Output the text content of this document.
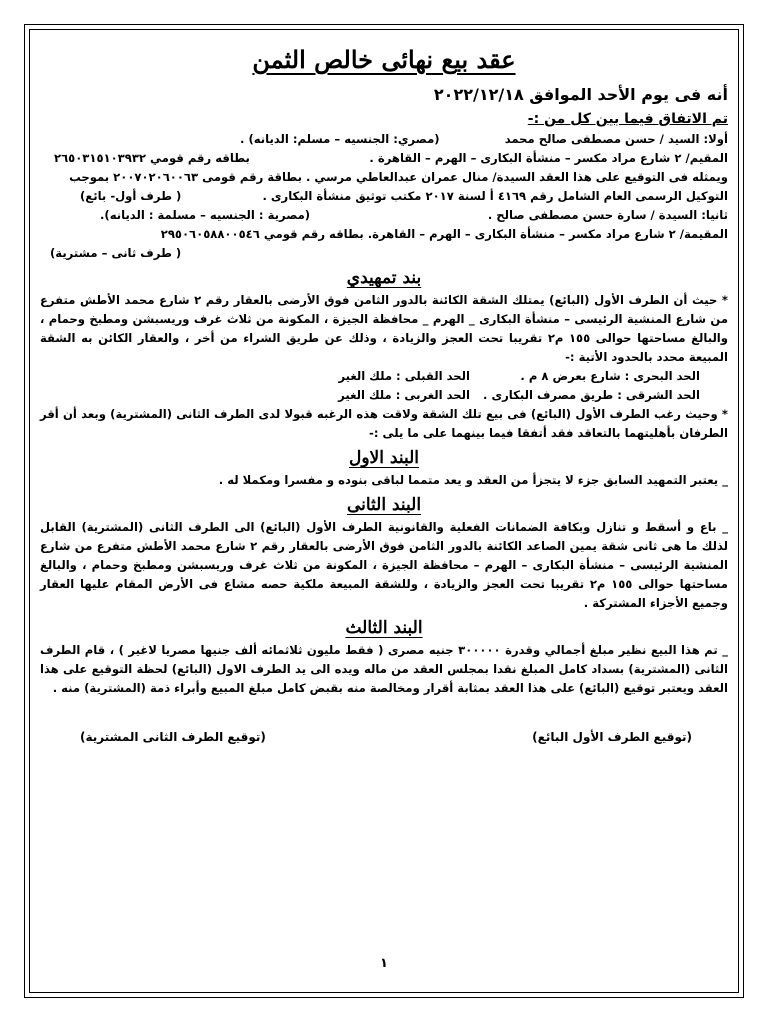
عقد بيع نهائى خالص الثمن
أنه فى يوم الأحد الموافق ٢٠٢٢/١٢/١٨
تم الاتفاق فيما بين كل من :-
أولا: السيد / حسن مصطفى صالح محمد
(مصري: الجنسيه – مسلم: الديانه) .
المقيم/ ٢ شارع مراد مكسر – منشأة البكارى – الهرم – القاهرة .
بطاقه رقم قومي ٢٦٥٠٣١٥١٠٣٩٣٢
ويمثله فى التوقيع على هذا العقد السيدة/ منال عمران عبدالعاطي مرسي . بطاقة رقم قومى ٢٠٠٧٠٢٠٦٠٠٦٣ بموجب
التوكيل الرسمى العام الشامل رقم ٤١٦٩ أ لسنة ٢٠١٧ مكتب توثيق منشأة البكارى .
( طرف أول- بائع)
ثانيا: السيدة / سارة حسن مصطفى صالح .
(مصرية : الجنسيه – مسلمة : الديانه).
المقيمة/ ٢ شارع مراد مكسر – منشأة البكارى – الهرم – القاهرة. بطاقه رقم قومي ٢٩٥٠٦٠٥٨٨٠٠٥٤٦
( طرف ثانى – مشترية)
بند تمهيدي

* حيث أن الطرف الأول (البائع) يمتلك الشقة الكائنة بالدور الثامن فوق الأرضى بالعقار رقم ٢ شارع محمد الأطش متفرع من شارع المنشية الرئيسى – منشأة البكارى _ الهرم _ محافظة الجيزة ، المكونة من ثلاث غرف وريسبشن ومطبخ وحمام ، والبالغ مساحتها حوالى ١٥٥ م٢ تقريبا تحت العجز والزيادة ، وذلك عن طريق الشراء من أخر ، والعقار الكائن به الشقة المبيعة محدد بالحدود الأتية :-

الحد البحرى : شارع بعرض ٨ م .
الحد القبلى : ملك الغير
الحد الشرقى : طريق مصرف البكارى .
الحد الغربى : ملك الغير

* وحيث رغب الطرف الأول (البائع) فى بيع تلك الشقة ولاقت هذه الرغبه قبولا لدى الطرف الثانى (المشترية) وبعد أن أقر الطرفان بأهليتهما بالتعاقد فقد أتفقا فيما بينهما على ما يلى :-

البند الاول

_ يعتبر التمهيد السابق جزء لا يتجزأ من العقد و يعد متمما لباقى بنوده و مفسرا ومكملا له .

البند الثانى

_ باع و أسقط و تنازل وبكافة الضمانات الفعلية والقانونية الطرف الأول (البائع) الى الطرف الثانى (المشترية) القابل لذلك ما هى ثانى شقة يمين الصاعد الكائنة بالدور الثامن فوق الأرضى بالعقار رقم ٢ شارع محمد الأطش متفرع من شارع المنشية الرئيسى – منشأة البكارى – الهرم – محافظة الجيزة ، المكونة من ثلاث غرف وريسبشن ومطبخ وحمام ، والبالغ مساحتها حوالى ١٥٥ م٢ تقريبا تحت العجز والزيادة ، وللشقة المبيعة ملكية حصه مشاع فى الأرض المقام عليها العقار وجميع الأجزاء المشتركة .

البند الثالث

_ تم هذا البيع نظير مبلغ أجمالي وقدرة ٣٠٠٠٠٠ جنيه مصرى ( فقط مليون ثلاثمائه ألف جنيها مصريا لاغير ) ، قام الطرف الثانى (المشترية) بسداد كامل المبلغ نقدا بمجلس العقد من ماله ويده الى يد الطرف الاول (البائع) لحظة التوقيع على هذا العقد ويعتبر توقيع (البائع) على هذا العقد بمثابة أقرار ومخالصة منه بقبض كامل مبلغ المبيع وأبراء ذمة (المشترية) منه .

(توقيع الطرف الأول البائع)
(توقيع الطرف الثانى المشترية)
١
